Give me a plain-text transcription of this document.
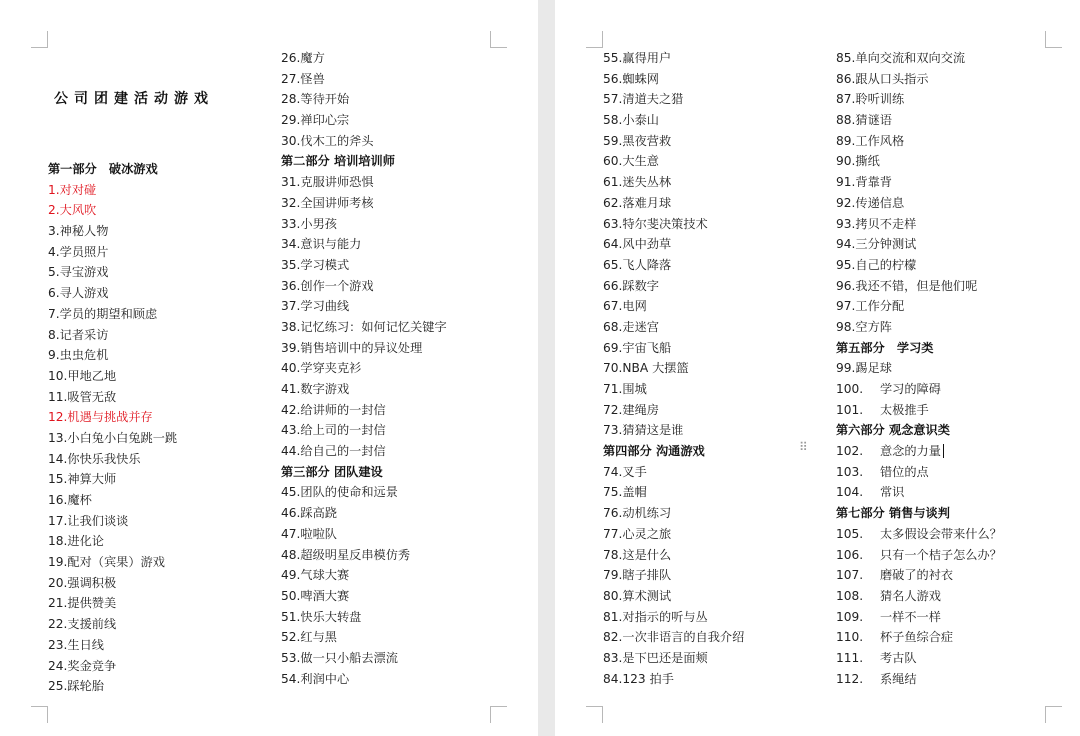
公司团建活动游戏
第一部分　破冰游戏
1. 对对碰
2. 大风吹
3. 神秘人物
4. 学员照片
5. 寻宝游戏
6. 寻人游戏
7. 学员的期望和顾虑
8. 记者采访
9. 虫虫危机
10. 甲地乙地
11. 吸管无敌
12. 机遇与挑战并存
13. 小白兔小白兔跳一跳
14. 你快乐我快乐
15. 神算大师
16. 魔杯
17. 让我们谈谈
18. 进化论
19. 配对（宾果）游戏
20. 强调积极
21. 提供赞美
22. 支援前线
23. 生日线
24. 奖金竞争
25. 踩轮胎
26. 魔方
27. 怪兽
28. 等待开始
29. 禅印心宗
30. 伐木工的斧头
第二部分 培训培训师
31. 克服讲师恐惧
32. 全国讲师考核
33. 小男孩
34. 意识与能力
35. 学习模式
36. 创作一个游戏
37. 学习曲线
38. 记忆练习：如何记忆关键字
39. 销售培训中的异议处理
40. 学穿夹克衫
41. 数字游戏
42. 给讲师的一封信
43. 给上司的一封信
44. 给自己的一封信
第三部分 团队建设
45. 团队的使命和远景
46. 踩高跷
47. 啦啦队
48. 超级明星反串模仿秀
49. 气球大赛
50. 啤酒大赛
51. 快乐大转盘
52. 红与黑
53. 做一只小船去漂流
54. 利润中心
55. 赢得用户
56. 蜘蛛网
57. 清道夫之猎
58. 小泰山
59. 黑夜营救
60. 大生意
61. 迷失丛林
62. 落难月球
63. 特尔斐决策技术
64. 风中劲草
65. 飞人降落
66. 踩数字
67. 电网
68. 走迷宫
69. 宇宙飞船
70. NBA 大摆篮
71. 围城
72. 建绳房
73. 猜猜这是谁
第四部分 沟通游戏
74. 叉手
75. 盖帽
76. 动机练习
77. 心灵之旅
78. 这是什么
79. 瞎子排队
80. 算术测试
81. 对指示的听与丛
82. 一次非语言的自我介绍
83. 是下巴还是面颊
84. 123 拍手
85. 单向交流和双向交流
86. 跟从口头指示
87. 聆听训练
88. 猜谜语
89. 工作风格
90. 撕纸
91. 背靠背
92. 传递信息
93. 拷贝不走样
94. 三分钟测试
95. 自己的柠檬
96. 我还不错，但是他们呢
97. 工作分配
98. 空方阵
第五部分　学习类
99. 踢足球
100.	学习的障碍
101.	太极推手
第六部分 观念意识类
102.	意念的力量
103.	错位的点
104.	常识
第七部分 销售与谈判
105.	太多假设会带来什么？
106.	只有一个桔子怎么办？
107.	磨破了的衬衣
108.	猜名人游戏
109.	一样不一样
110.	杯子鱼综合症
111.	考古队
112.	系绳结
⠿
